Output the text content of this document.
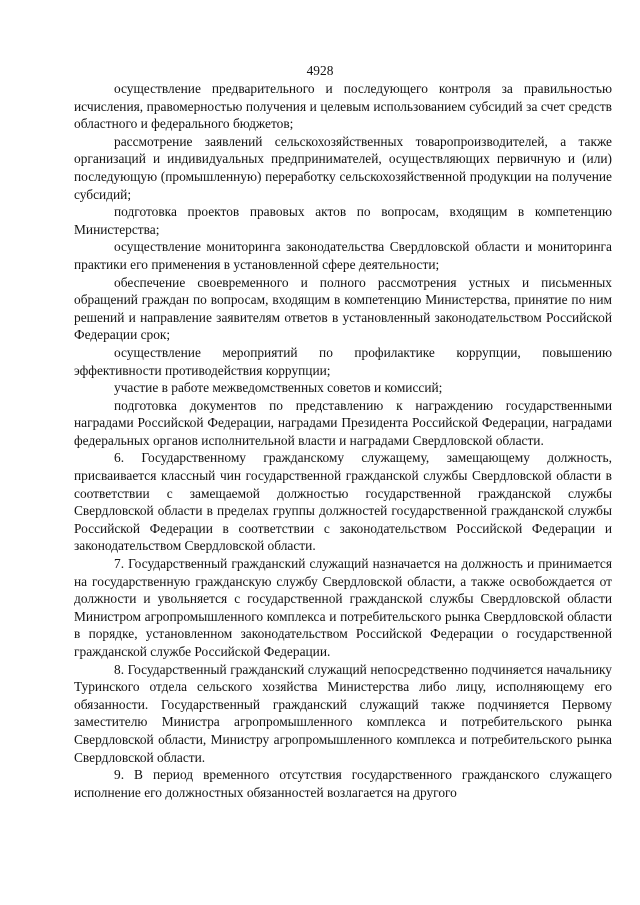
4928

осуществление предварительного и последующего контроля за правильностью исчисления, правомерностью получения и целевым использованием субсидий за счет средств областного и федерального бюджетов;

рассмотрение заявлений сельскохозяйственных товаропроизводителей, а также организаций и индивидуальных предпринимателей, осуществляющих первичную и (или) последующую (промышленную) переработку сельскохозяйственной продукции на получение субсидий;

подготовка проектов правовых актов по вопросам, входящим в компетенцию Министерства;

осуществление мониторинга законодательства Свердловской области и мониторинга практики его применения в установленной сфере деятельности;

обеспечение своевременного и полного рассмотрения устных и письменных обращений граждан по вопросам, входящим в компетенцию Министерства, принятие по ним решений и направление заявителям ответов в установленный законодательством Российской Федерации срок;

осуществление мероприятий по профилактике коррупции, повышению эффективности противодействия коррупции;

участие в работе межведомственных советов и комиссий;

подготовка документов по представлению к награждению государственными наградами Российской Федерации, наградами Президента Российской Федерации, наградами федеральных органов исполнительной власти и наградами Свердловской области.

6. Государственному гражданскому служащему, замещающему должность, присваивается классный чин государственной гражданской службы Свердловской области в соответствии с замещаемой должностью государственной гражданской службы Свердловской области в пределах группы должностей государственной гражданской службы Российской Федерации в соответствии с законодательством Российской Федерации и законодательством Свердловской области.

7. Государственный гражданский служащий назначается на должность и принимается на государственную гражданскую службу Свердловской области, а также освобождается от должности и увольняется с государственной гражданской службы Свердловской области Министром агропромышленного комплекса и потребительского рынка Свердловской области в порядке, установленном законодательством Российской Федерации о государственной гражданской службе Российской Федерации.

8. Государственный гражданский служащий непосредственно подчиняется начальнику Туринского отдела сельского хозяйства Министерства либо лицу, исполняющему его обязанности. Государственный гражданский служащий также подчиняется Первому заместителю Министра агропромышленного комплекса и потребительского рынка Свердловской области, Министру агропромышленного комплекса и потребительского рынка Свердловской области.

9. В период временного отсутствия государственного гражданского служащего исполнение его должностных обязанностей возлагается на другого
